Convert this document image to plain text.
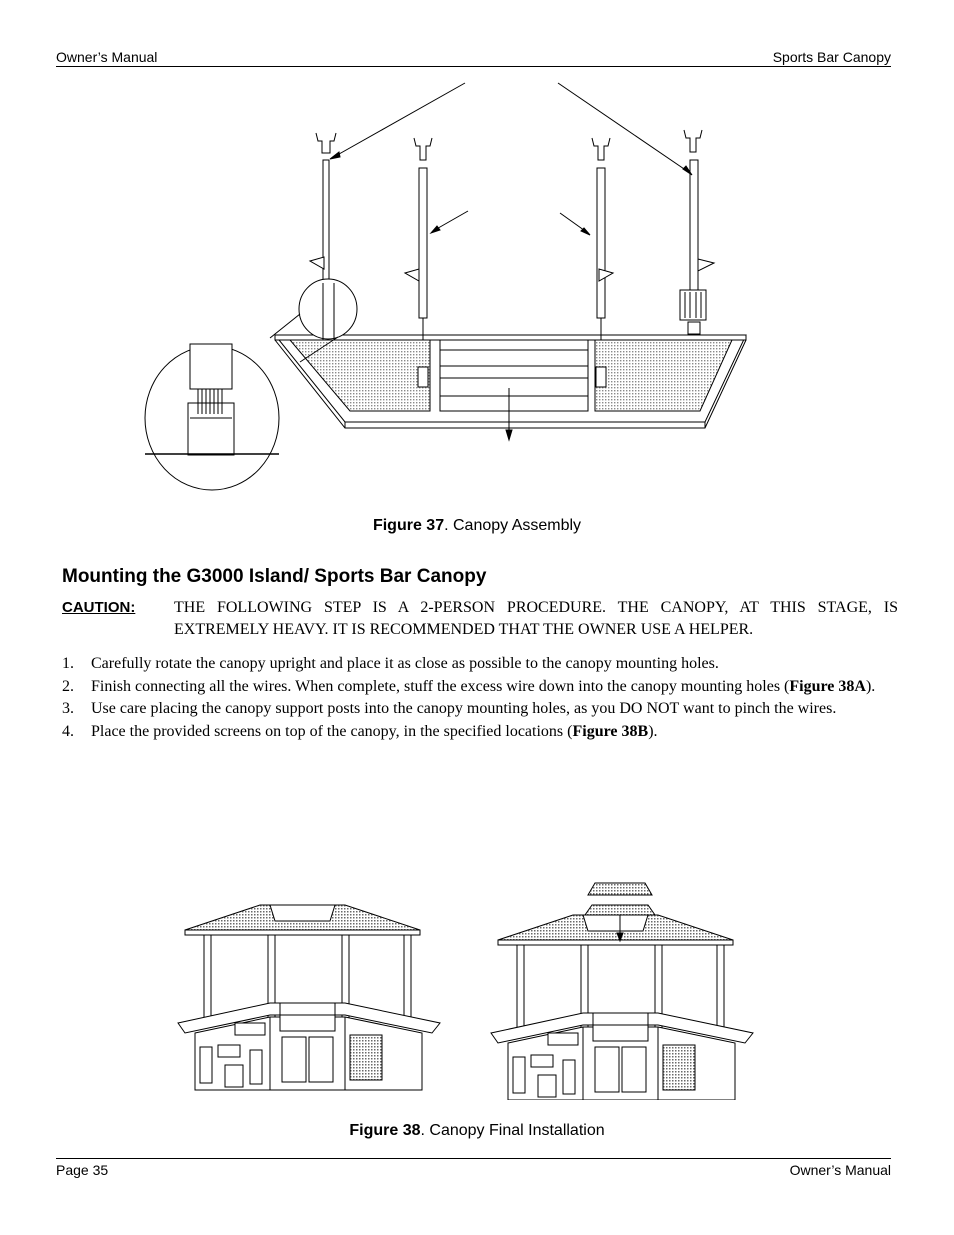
Owner’s Manual	Sports Bar Canopy
Figure 37. Canopy Assembly
Mounting the G3000 Island/ Sports Bar Canopy
CAUTION: THE FOLLOWING STEP IS A 2-PERSON PROCEDURE. THE CANOPY, AT THIS STAGE, IS EXTREMELY HEAVY. IT IS RECOMMENDED THAT THE OWNER USE A HELPER.
1. Carefully rotate the canopy upright and place it as close as possible to the canopy mounting holes.
2. Finish connecting all the wires. When complete, stuff the excess wire down into the canopy mounting holes (Figure 38A).
3. Use care placing the canopy support posts into the canopy mounting holes, as you DO NOT want to pinch the wires.
4. Place the provided screens on top of the canopy, in the specified locations (Figure 38B).
Figure 38. Canopy Final Installation
Page 35	Owner’s Manual
